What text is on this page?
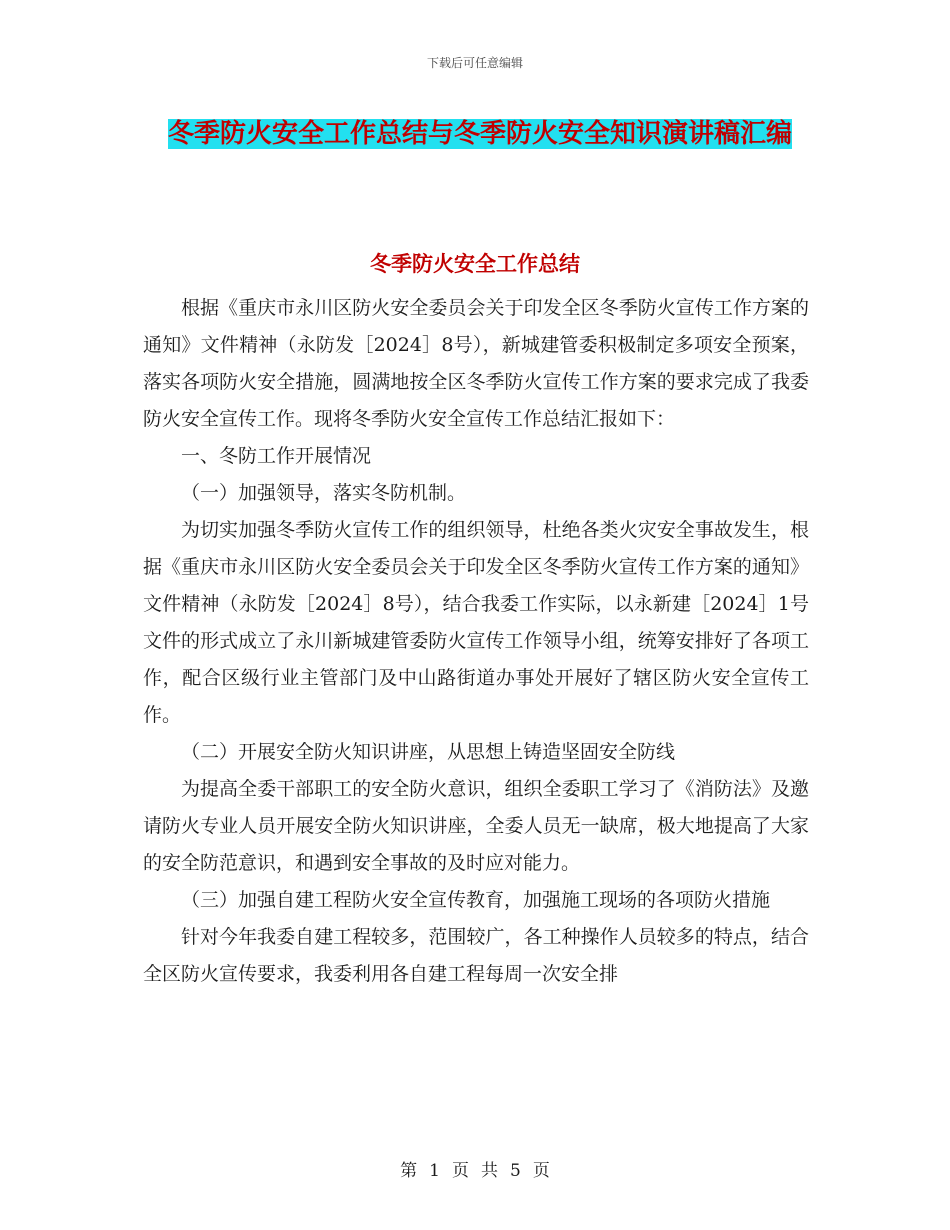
下载后可任意编辑
冬季防火安全工作总结与冬季防火安全知识演讲稿汇编
冬季防火安全工作总结

根据《重庆市永川区防火安全委员会关于印发全区冬季防火宣传工作方案的通知》文件精神（永防发［2024］8号），新城建管委积极制定多项安全预案，落实各项防火安全措施，圆满地按全区冬季防火宣传工作方案的要求完成了我委防火安全宣传工作。现将冬季防火安全宣传工作总结汇报如下：

一、冬防工作开展情况

（一）加强领导，落实冬防机制。

为切实加强冬季防火宣传工作的组织领导，杜绝各类火灾安全事故发生，根据《重庆市永川区防火安全委员会关于印发全区冬季防火宣传工作方案的通知》文件精神（永防发［2024］8号），结合我委工作实际，以永新建［2024］1号文件的形式成立了永川新城建管委防火宣传工作领导小组，统筹安排好了各项工作，配合区级行业主管部门及中山路街道办事处开展好了辖区防火安全宣传工作。

（二）开展安全防火知识讲座，从思想上铸造坚固安全防线

为提高全委干部职工的安全防火意识，组织全委职工学习了《消防法》及邀请防火专业人员开展安全防火知识讲座，全委人员无一缺席，极大地提高了大家的安全防范意识，和遇到安全事故的及时应对能力。

（三）加强自建工程防火安全宣传教育，加强施工现场的各项防火措施

针对今年我委自建工程较多，范围较广，各工种操作人员较多的特点，结合全区防火宣传要求，我委利用各自建工程每周一次安全排

第 1 页 共 5 页
